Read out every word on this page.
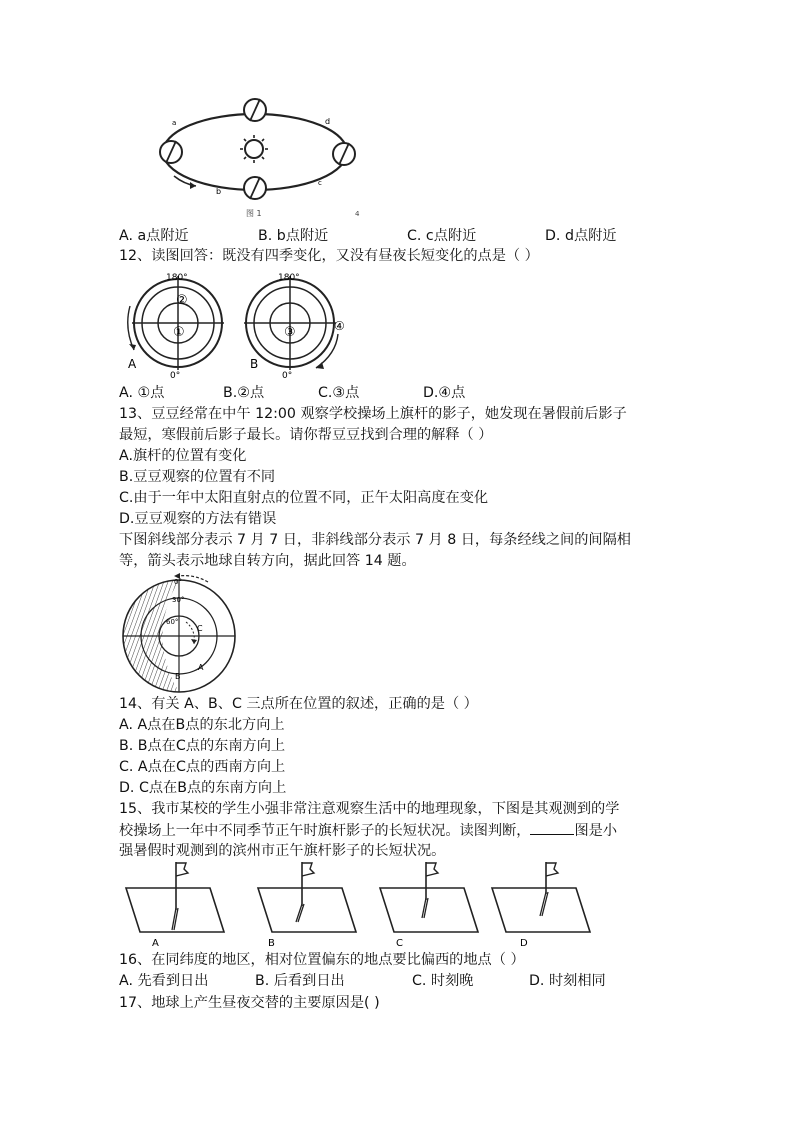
a
b
c
d
图 1	4
A. a点附近	B. b点附近	C. c点附近	D. d点附近
12、读图回答：既没有四季变化，又没有昼夜长短变化的点是（ ）
180°
0°
A
②
①
180°
0°
B
③	④
A. ①点	B.②点	C.③点	D.④点
13、豆豆经常在中午 12:00 观察学校操场上旗杆的影子，她发现在暑假前后影子
最短，寒假前后影子最长。请你帮豆豆找到合理的解释（ ）
A.旗杆的位置有变化
B.豆豆观察的位置有不同
C.由于一年中太阳直射点的位置不同，正午太阳高度在变化
D.豆豆观察的方法有错误
下图斜线部分表示 7 月 7 日，非斜线部分表示 7 月 8 日，每条经线之间的间隔相
等，箭头表示地球自转方向，据此回答 14 题。
0°
30°
60°
A
B
C
14、有关 A、B、C 三点所在位置的叙述，正确的是（ ）
A. A点在B点的东北方向上
B. B点在C点的东南方向上
C. A点在C点的西南方向上
D. C点在B点的东南方向上
15、我市某校的学生小强非常注意观察生活中的地理现象，下图是其观测到的学
校操场上一年中不同季节正午时旗杆影子的长短状况。读图判断，	图是小
强暑假时观测到的滨州市正午旗杆影子的长短状况。
A	B	C	D
16、在同纬度的地区，相对位置偏东的地点要比偏西的地点（ ）
A. 先看到日出	B. 后看到日出	C. 时刻晚	D. 时刻相同
17、地球上产生昼夜交替的主要原因是( )
